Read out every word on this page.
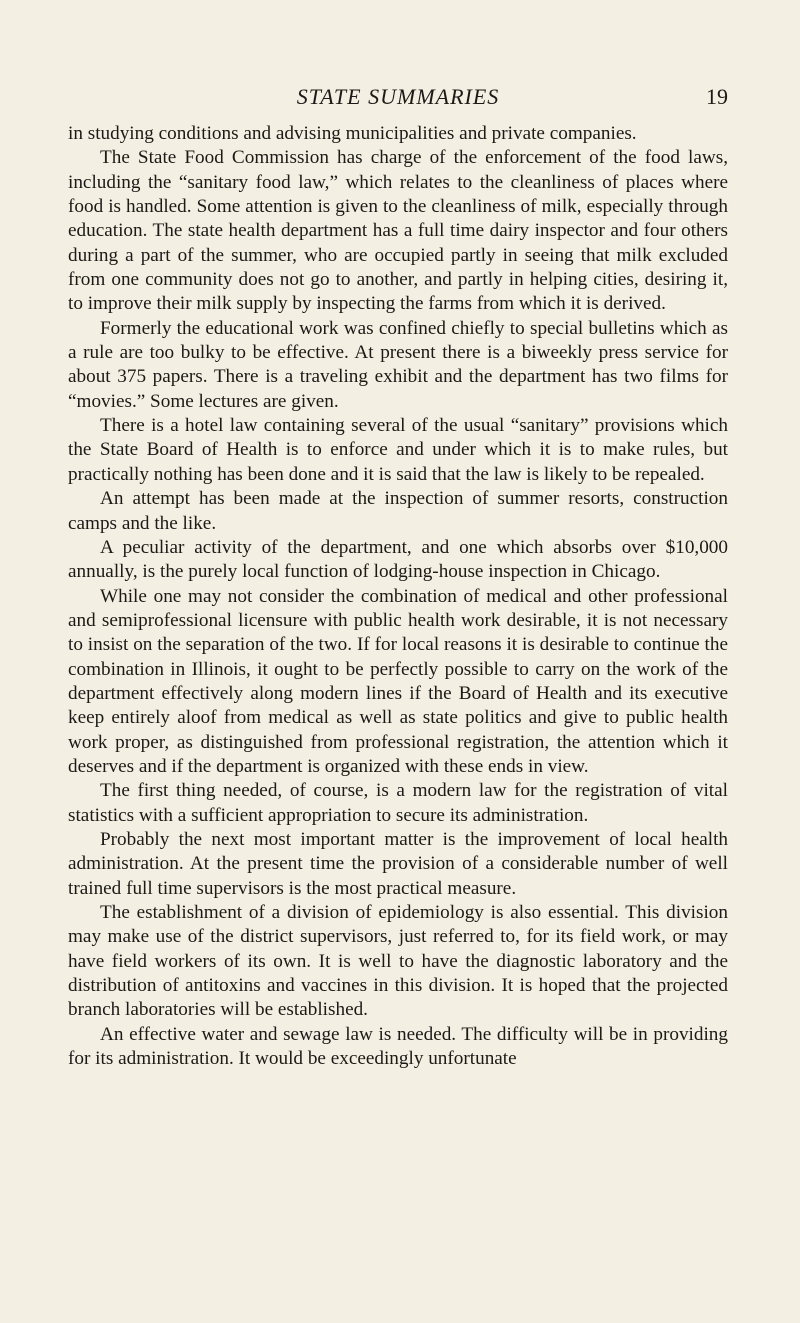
STATE SUMMARIES	19

in studying conditions and advising municipalities and private companies.

The State Food Commission has charge of the enforcement of the food laws, including the “sanitary food law,” which relates to the cleanliness of places where food is handled. Some attention is given to the cleanliness of milk, especially through education. The state health department has a full time dairy inspector and four others during a part of the summer, who are occupied partly in seeing that milk excluded from one community does not go to another, and partly in helping cities, desiring it, to improve their milk supply by inspecting the farms from which it is derived.

Formerly the educational work was confined chiefly to special bulletins which as a rule are too bulky to be effective. At present there is a biweekly press service for about 375 papers. There is a traveling exhibit and the department has two films for “movies.” Some lectures are given.

There is a hotel law containing several of the usual “sanitary” provisions which the State Board of Health is to enforce and under which it is to make rules, but practically nothing has been done and it is said that the law is likely to be repealed.

An attempt has been made at the inspection of summer resorts, construction camps and the like.

A peculiar activity of the department, and one which absorbs over $10,000 annually, is the purely local function of lodging-house inspection in Chicago.

While one may not consider the combination of medical and other professional and semiprofessional licensure with public health work desirable, it is not necessary to insist on the separation of the two. If for local reasons it is desirable to continue the combination in Illinois, it ought to be perfectly possible to carry on the work of the department effectively along modern lines if the Board of Health and its executive keep entirely aloof from medical as well as state politics and give to public health work proper, as distinguished from professional registration, the attention which it deserves and if the department is organized with these ends in view.

The first thing needed, of course, is a modern law for the registration of vital statistics with a sufficient appropriation to secure its administration.

Probably the next most important matter is the improvement of local health administration. At the present time the provision of a considerable number of well trained full time supervisors is the most practical measure.

The establishment of a division of epidemiology is also essential. This division may make use of the district supervisors, just referred to, for its field work, or may have field workers of its own. It is well to have the diagnostic laboratory and the distribution of antitoxins and vaccines in this division. It is hoped that the projected branch laboratories will be established.

An effective water and sewage law is needed. The difficulty will be in providing for its administration. It would be exceedingly unfortunate
